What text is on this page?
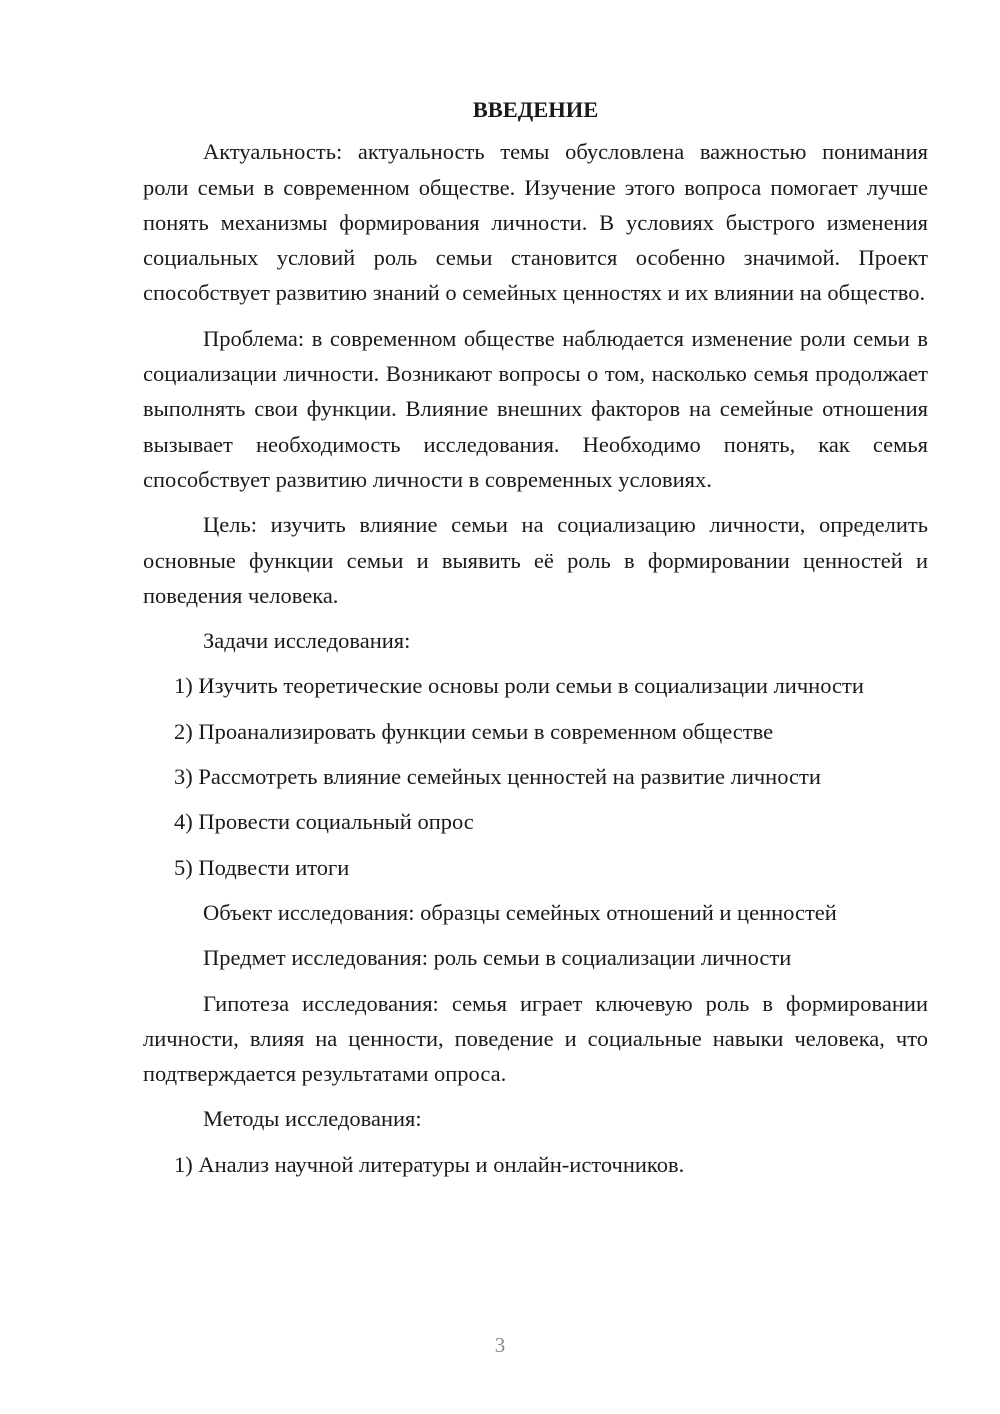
ВВЕДЕНИЕ

Актуальность: актуальность темы обусловлена важностью понимания роли семьи в современном обществе. Изучение этого вопроса помогает лучше понять механизмы формирования личности. В условиях быстрого изменения социальных условий роль семьи становится особенно значимой. Проект способствует развитию знаний о семейных ценностях и их влиянии на общество.

Проблема: в современном обществе наблюдается изменение роли семьи в социализации личности. Возникают вопросы о том, насколько семья продолжает выполнять свои функции. Влияние внешних факторов на семейные отношения вызывает необходимость исследования. Необходимо понять, как семья способствует развитию личности в современных условиях.

Цель: изучить влияние семьи на социализацию личности, определить основные функции семьи и выявить её роль в формировании ценностей и поведения человека.

Задачи исследования:

1) Изучить теоретические основы роли семьи в социализации личности

2) Проанализировать функции семьи в современном обществе

3) Рассмотреть влияние семейных ценностей на развитие личности

4) Провести социальный опрос

5) Подвести итоги

Объект исследования: образцы семейных отношений и ценностей

Предмет исследования: роль семьи в социализации личности

Гипотеза исследования: семья играет ключевую роль в формировании личности, влияя на ценности, поведение и социальные навыки человека, что подтверждается результатами опроса.

Методы исследования:

1) Анализ научной литературы и онлайн-источников.

3
